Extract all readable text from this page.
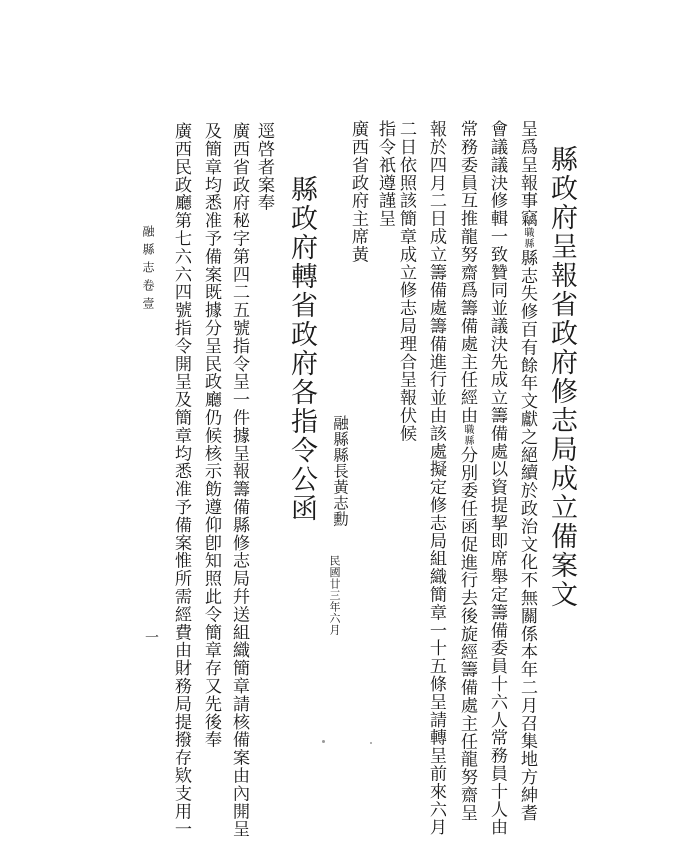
縣政府呈報省政府修志局成立備案文
呈爲呈報事竊職縣縣志失修百有餘年文獻之絕續於政治文化不無關係本年二月召集地方紳耆
會議議決修輯一致贊同並議決先成立籌備處以資提挈即席舉定籌備委員十六人常務員十人由
常務委員互推龍努齋爲籌備處主任經由職縣分別委任函促進行去後旋經籌備處主任龍努齋呈
報於四月二日成立籌備處籌備進行並由該處擬定修志局組織簡章一十五條呈請轉呈前來六月
二日依照該簡章成立修志局理合呈報伏候
指令祇遵謹呈
廣西省政府主席黃
融縣縣長黃志勳
民國廿三年六月
縣政府轉省政府各指令公函
逕啓者案奉
廣西省政府秘字第四二五號指令呈一件據呈報籌備縣修志局幷送組織簡章請核備案由內開呈
及簡章均悉准予備案既據分呈民政廳仍候核示飭遵仰卽知照此令簡章存又先後奉
廣西民政廳第七六六四號指令開呈及簡章均悉准予備案惟所需經費由財務局提撥存欵支用一
融縣志卷壹
一
